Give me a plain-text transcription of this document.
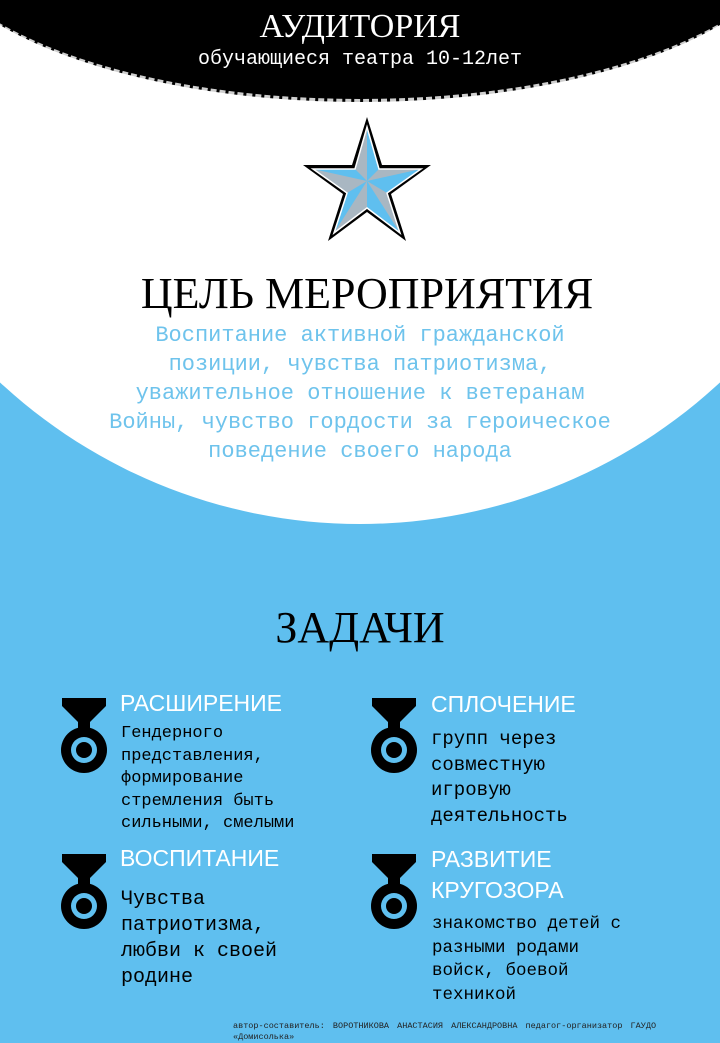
АУДИТОРИЯ
обучающиеся театра 10-12лет
ЦЕЛЬ МЕРОПРИЯТИЯ
Воспитание активной гражданской
позиции, чувства патриотизма,
уважительное отношение к ветеранам
Войны, чувство гордости за героическое
поведение своего народа
ЗАДАЧИ
РАСШИРЕНИЕ
Гендерного
представления,
формирование
стремления быть
сильными, смелыми
СПЛОЧЕНИЕ
групп через
совместную
игровую
деятельность
ВОСПИТАНИЕ
Чувства
патриотизма,
любви к своей
родине
РАЗВИТИЕ
КРУГОЗОРА
знакомство детей с
разными родами
войск, боевой
техникой
автор-составитель: ВОРОТНИКОВА АНАСТАСИЯ АЛЕКСАНДРОВНА педагог-организатор ГАУДО «Домисолька»
